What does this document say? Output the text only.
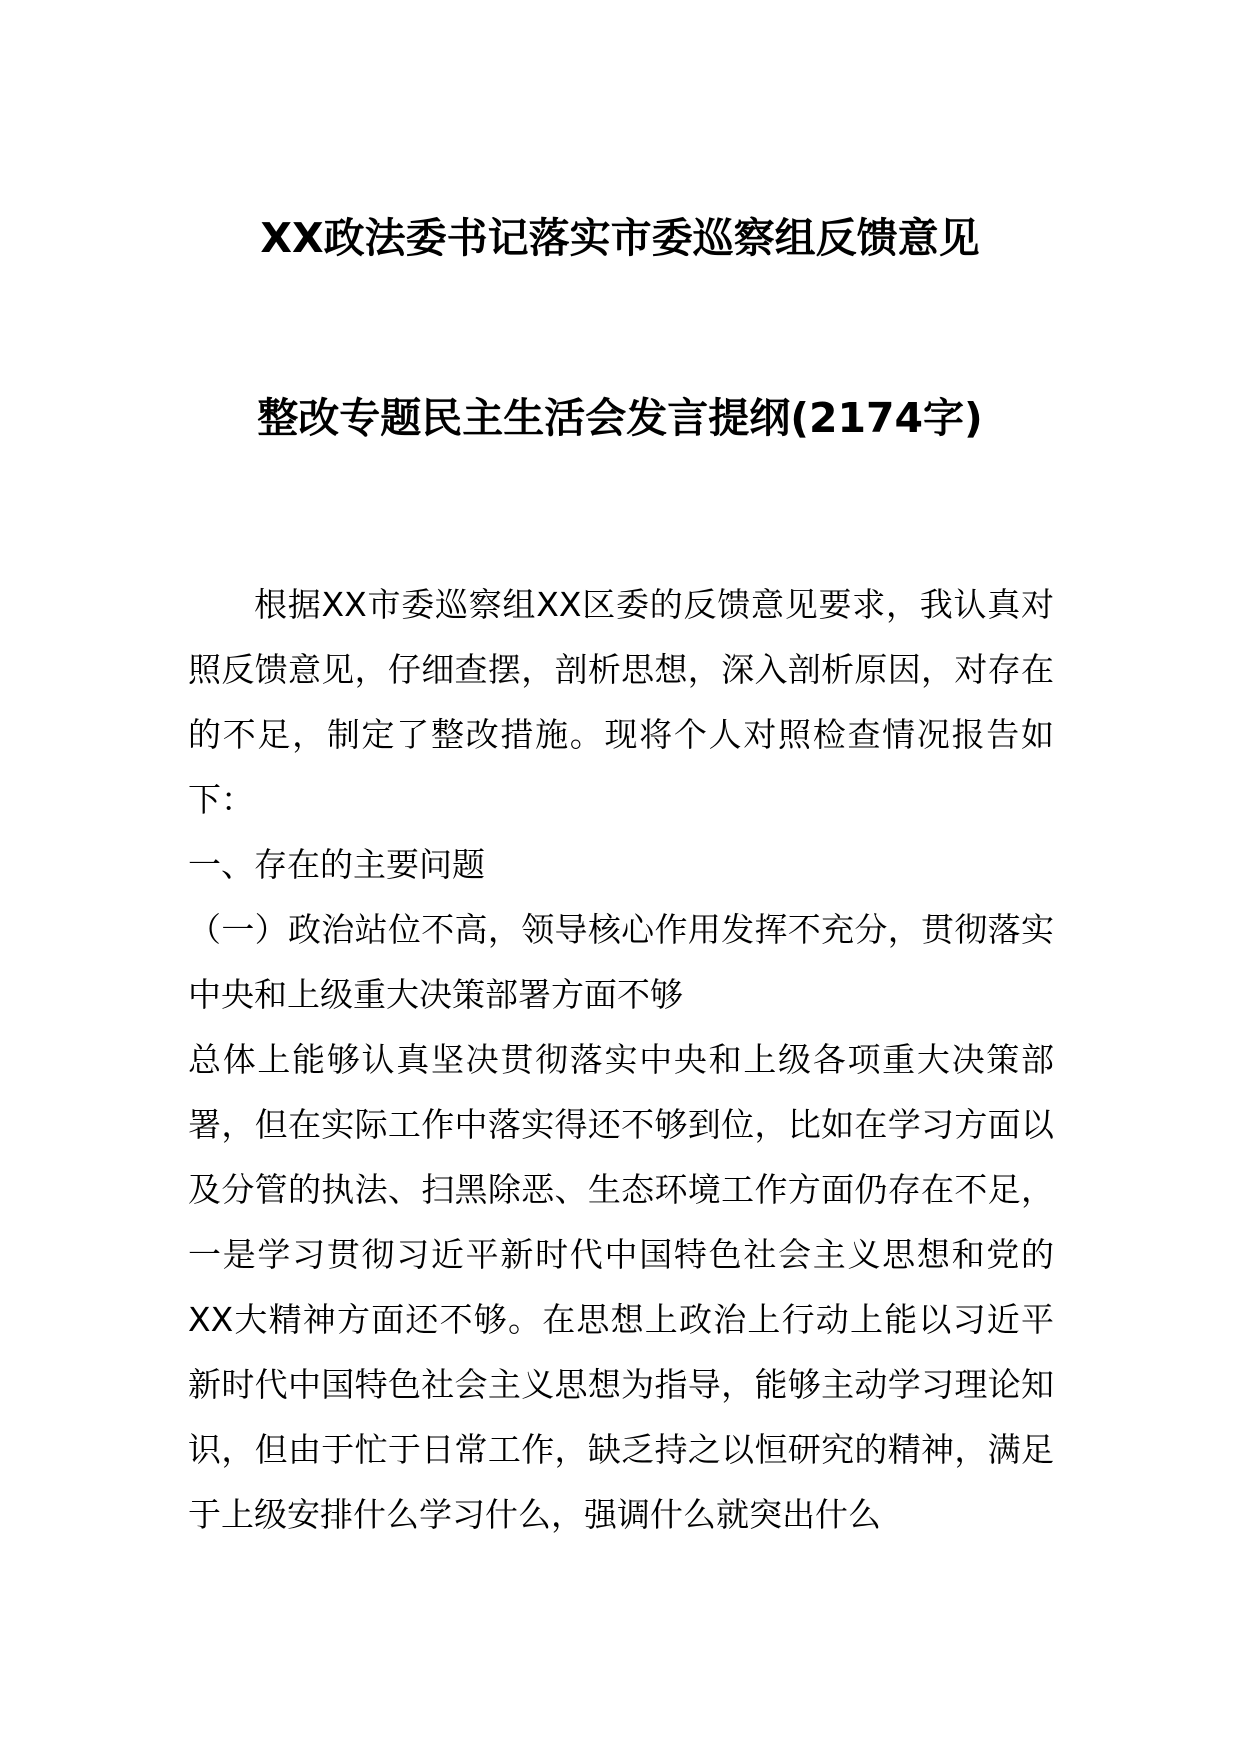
XX政法委书记落实市委巡察组反馈意见
整改专题民主生活会发言提纲(2174字)

根据XX市委巡察组XX区委的反馈意见要求，我认真对照反馈意见，仔细查摆，剖析思想，深入剖析原因，对存在的不足，制定了整改措施。现将个人对照检查情况报告如下：

一、存在的主要问题

（一）政治站位不高，领导核心作用发挥不充分，贯彻落实中央和上级重大决策部署方面不够

总体上能够认真坚决贯彻落实中央和上级各项重大决策部署，但在实际工作中落实得还不够到位，比如在学习方面以及分管的执法、扫黑除恶、生态环境工作方面仍存在不足，一是学习贯彻习近平新时代中国特色社会主义思想和党的XX大精神方面还不够。在思想上政治上行动上能以习近平新时代中国特色社会主义思想为指导，能够主动学习理论知识，但由于忙于日常工作，缺乏持之以恒研究的精神，满足于上级安排什么学习什么，强调什么就突出什么
